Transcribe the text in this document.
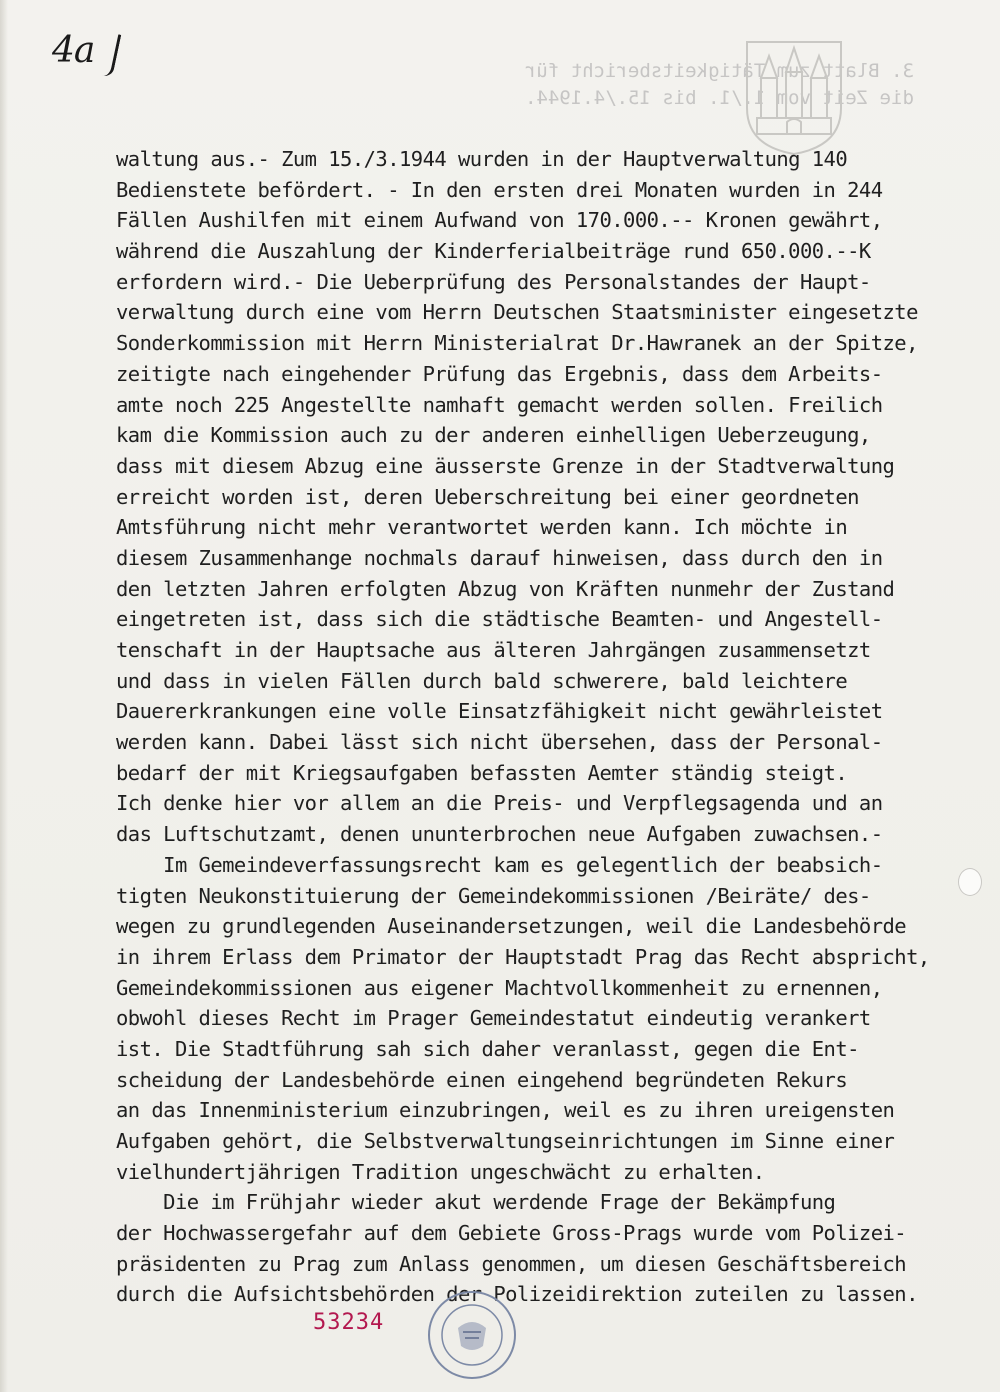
4a	3. Blatt zum Tätigkeitsbericht für
die Zeit vom 1./1. bis 15./4.1944.
waltung aus.- Zum 15./3.1944 wurden in der Hauptverwaltung 140
Bedienstete befördert. - In den ersten drei Monaten wurden in 244
Fällen Aushilfen mit einem Aufwand von 170.000.-- Kronen gewährt,
während die Auszahlung der Kinderferialbeiträge rund 650.000.--K
erfordern wird.- Die Ueberprüfung des Personalstandes der Haupt-
verwaltung durch eine vom Herrn Deutschen Staatsminister eingesetzte
Sonderkommission mit Herrn Ministerialrat Dr.Hawranek an der Spitze,
zeitigte nach eingehender Prüfung das Ergebnis, dass dem Arbeits-
amte noch 225 Angestellte namhaft gemacht werden sollen. Freilich
kam die Kommission auch zu der anderen einhelligen Ueberzeugung,
dass mit diesem Abzug eine äusserste Grenze in der Stadtverwaltung
erreicht worden ist, deren Ueberschreitung bei einer geordneten
Amtsführung nicht mehr verantwortet werden kann. Ich möchte in
diesem Zusammenhange nochmals darauf hinweisen, dass durch den in
den letzten Jahren erfolgten Abzug von Kräften nunmehr der Zustand
eingetreten ist, dass sich die städtische Beamten- und Angestell-
tenschaft in der Hauptsache aus älteren Jahrgängen zusammensetzt
und dass in vielen Fällen durch bald schwerere, bald leichtere
Dauererkrankungen eine volle Einsatzfähigkeit nicht gewährleistet
werden kann. Dabei lässt sich nicht übersehen, dass der Personal-
bedarf der mit Kriegsaufgaben befassten Aemter ständig steigt.
Ich denke hier vor allem an die Preis- und Verpflegsagenda und an
das Luftschutzamt, denen ununterbrochen neue Aufgaben zuwachsen.-
Im Gemeindeverfassungsrecht kam es gelegentlich der beabsich-
tigten Neukonstituierung der Gemeindekommissionen /Beiräte/ des-
wegen zu grundlegenden Auseinandersetzungen, weil die Landesbehörde
in ihrem Erlass dem Primator der Hauptstadt Prag das Recht abspricht,
Gemeindekommissionen aus eigener Machtvollkommenheit zu ernennen,
obwohl dieses Recht im Prager Gemeindestatut eindeutig verankert
ist. Die Stadtführung sah sich daher veranlasst, gegen die Ent-
scheidung der Landesbehörde einen eingehend begründeten Rekurs
an das Innenministerium einzubringen, weil es zu ihren ureigensten
Aufgaben gehört, die Selbstverwaltungseinrichtungen im Sinne einer
vielhundertjährigen Tradition ungeschwächt zu erhalten.
Die im Frühjahr wieder akut werdende Frage der Bekämpfung
der Hochwassergefahr auf dem Gebiete Gross-Prags wurde vom Polizei-
präsidenten zu Prag zum Anlass genommen, um diesen Geschäftsbereich
durch die Aufsichtsbehörden der Polizeidirektion zuteilen zu lassen.
53234
